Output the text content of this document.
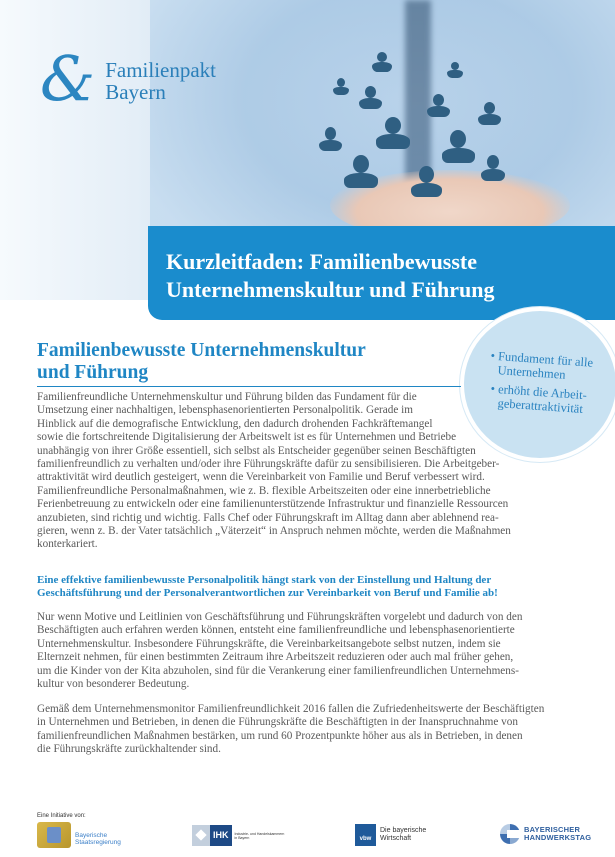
& Familienpakt
Bayern
Kurzleitfaden: Familienbewusste
Unternehmenskultur und Führung
• Fundament für alle Unternehmen
• erhöht die Arbeit-geberattraktivität
Familienbewusste Unternehmenskultur
und Führung
Familienfreundliche Unternehmenskultur und Führung bilden das Fundament für die
Umsetzung einer nachhaltigen, lebensphasenorientierten Personalpolitik. Gerade im
Hinblick auf die demografische Entwicklung, den dadurch drohenden Fachkräftemangel
sowie die fortschreitende Digitalisierung der Arbeitswelt ist es für Unternehmen und Betriebe
unabhängig von ihrer Größe essentiell, sich selbst als Entscheider gegenüber seinen Beschäftigten
familienfreundlich zu verhalten und/oder ihre Führungskräfte dafür zu sensibilisieren. Die Arbeitgeber-
attraktivität wird deutlich gesteigert, wenn die Vereinbarkeit von Familie und Beruf verbessert wird.
Familienfreundliche Personalmaßnahmen, wie z. B. flexible Arbeitszeiten oder eine innerbetriebliche
Ferienbetreuung zu entwickeln oder eine familienunterstützende Infrastruktur und finanzielle Ressourcen
anzubieten, sind richtig und wichtig. Falls Chef oder Führungskraft im Alltag dann aber ablehnend rea-
gieren, wenn z. B. der Vater tatsächlich „Väterzeit“ in Anspruch nehmen möchte, werden die Maßnahmen
konterkariert.
Eine effektive familienbewusste Personalpolitik hängt stark von der Einstellung und Haltung der
Geschäftsführung und der Personalverantwortlichen zur Vereinbarkeit von Beruf und Familie ab!
Nur wenn Motive und Leitlinien von Geschäftsführung und Führungskräften vorgelebt und dadurch von den
Beschäftigten auch erfahren werden können, entsteht eine familienfreundliche und lebensphasenorientierte
Unternehmenskultur. Insbesondere Führungskräfte, die Vereinbarkeitsangebote selbst nutzen, indem sie
Elternzeit nehmen, für einen bestimmten Zeitraum ihre Arbeitszeit reduzieren oder auch mal früher gehen,
um die Kinder von der Kita abzuholen, sind für die Verankerung einer familienfreundlichen Unternehmens-
kultur von besonderer Bedeutung.
Gemäß dem Unternehmensmonitor Familienfreundlichkeit 2016 fallen die Zufriedenheitswerte der Beschäftigten
in Unternehmen und Betrieben, in denen die Führungskräfte die Beschäftigten in der Inanspruchnahme von
familienfreundlichen Maßnahmen bestärken, um rund 60 Prozentpunkte höher aus als in Betrieben, in denen
die Führungskräfte zurückhaltender sind.
Eine Initiative von:
Bayerische
Staatsregierung
IHK	Industrie- und Handelskammern
in Bayern	vbw
Die bayerische
Wirtschaft
BAYERISCHER
HANDWERKSTAG
